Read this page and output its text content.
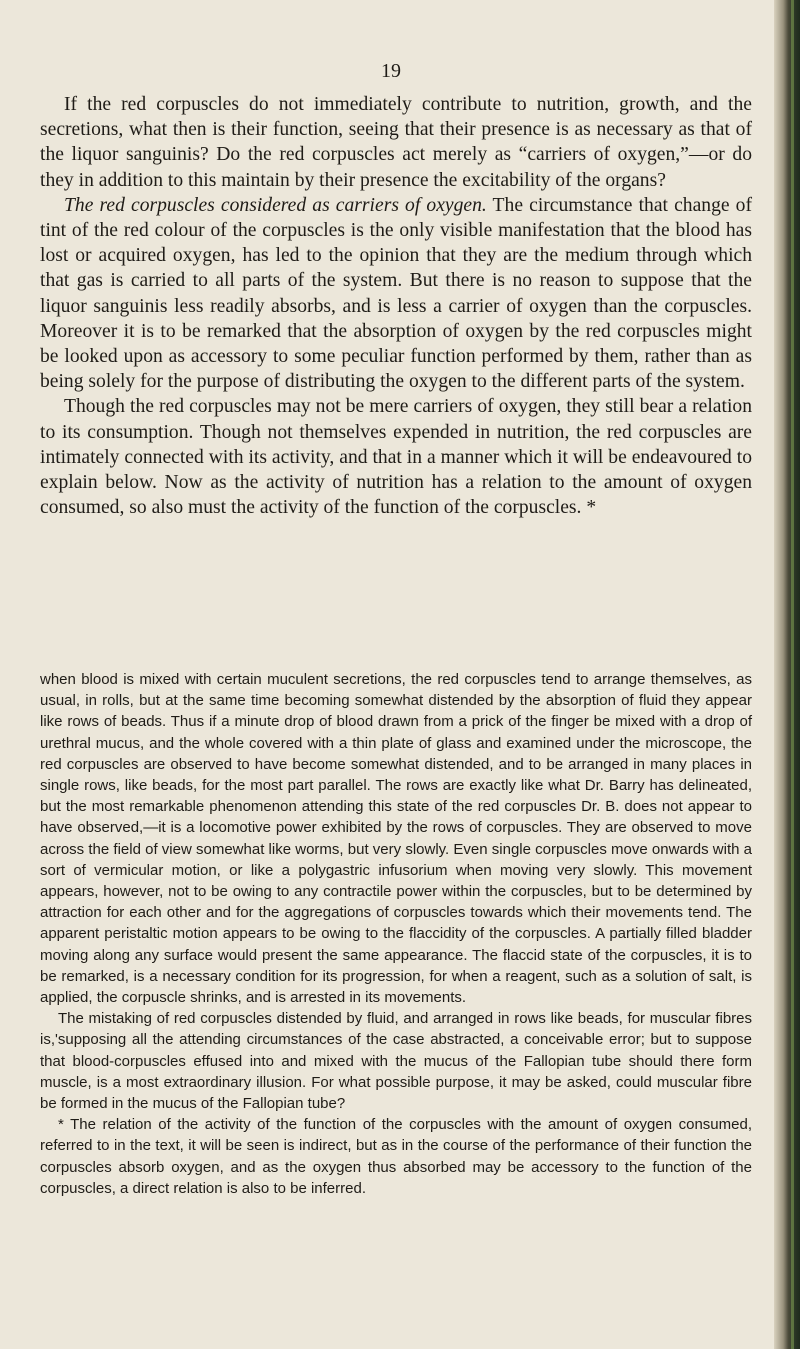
19

If the red corpuscles do not immediately contribute to nutrition, growth, and the secretions, what then is their function, seeing that their presence is as necessary as that of the liquor sanguinis? Do the red corpuscles act merely as “carriers of oxygen,”—or do they in addition to this maintain by their presence the excitability of the organs?

The red corpuscles considered as carriers of oxygen. The circumstance that change of tint of the red colour of the corpuscles is the only visible manifestation that the blood has lost or acquired oxygen, has led to the opinion that they are the medium through which that gas is carried to all parts of the system. But there is no reason to suppose that the liquor sanguinis less readily absorbs, and is less a carrier of oxygen than the corpuscles. Moreover it is to be remarked that the absorption of oxygen by the red corpuscles might be looked upon as accessory to some peculiar function performed by them, rather than as being solely for the purpose of distributing the oxygen to the different parts of the system.

Though the red corpuscles may not be mere carriers of oxygen, they still bear a relation to its consumption. Though not themselves expended in nutrition, the red corpuscles are intimately connected with its activity, and that in a manner which it will be endeavoured to explain below. Now as the activity of nutrition has a relation to the amount of oxygen consumed, so also must the activity of the function of the corpuscles. *

when blood is mixed with certain muculent secretions, the red corpuscles tend to arrange themselves, as usual, in rolls, but at the same time becoming somewhat distended by the absorption of fluid they appear like rows of beads. Thus if a minute drop of blood drawn from a prick of the finger be mixed with a drop of urethral mucus, and the whole covered with a thin plate of glass and examined under the microscope, the red corpuscles are observed to have become somewhat distended, and to be arranged in many places in single rows, like beads, for the most part parallel. The rows are exactly like what Dr. Barry has delineated, but the most remarkable phenomenon attending this state of the red corpuscles Dr. B. does not appear to have observed,—it is a locomotive power exhibited by the rows of corpuscles. They are observed to move across the field of view somewhat like worms, but very slowly. Even single corpuscles move onwards with a sort of vermicular motion, or like a polygastric infusorium when moving very slowly. This movement appears, however, not to be owing to any contractile power within the corpuscles, but to be determined by attraction for each other and for the aggregations of corpuscles towards which their movements tend. The apparent peristaltic motion appears to be owing to the flaccidity of the corpuscles. A partially filled bladder moving along any surface would present the same appearance. The flaccid state of the corpuscles, it is to be remarked, is a necessary condition for its progression, for when a reagent, such as a solution of salt, is applied, the corpuscle shrinks, and is arrested in its movements.

The mistaking of red corpuscles distended by fluid, and arranged in rows like beads, for muscular fibres is,'supposing all the attending circumstances of the case abstracted, a conceivable error; but to suppose that blood-corpuscles effused into and mixed with the mucus of the Fallopian tube should there form muscle, is a most extraordinary illusion. For what possible purpose, it may be asked, could muscular fibre be formed in the mucus of the Fallopian tube?

* The relation of the activity of the function of the corpuscles with the amount of oxygen consumed, referred to in the text, it will be seen is indirect, but as in the course of the performance of their function the corpuscles absorb oxygen, and as the oxygen thus absorbed may be accessory to the function of the corpuscles, a direct relation is also to be inferred.
